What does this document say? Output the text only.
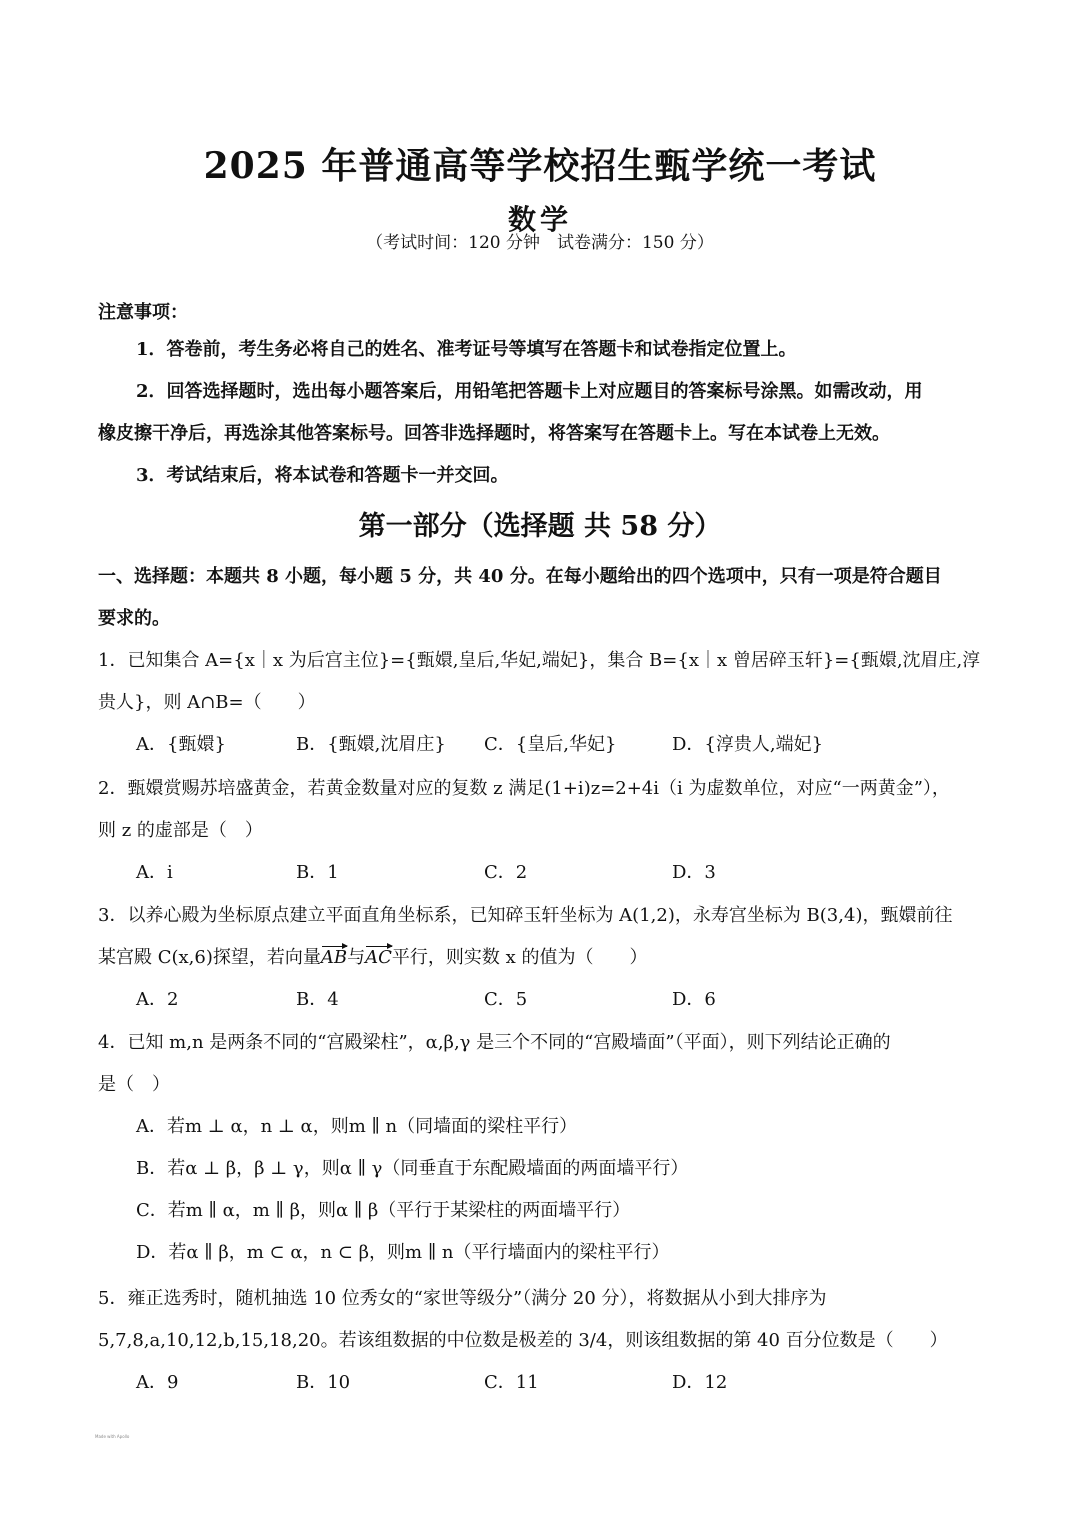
2025 年普通高等学校招生甄学统一考试
数学
（考试时间：120 分钟　试卷满分：150 分）
注意事项：
1．答卷前，考生务必将自己的姓名、准考证号等填写在答题卡和试卷指定位置上。
2．回答选择题时，选出每小题答案后，用铅笔把答题卡上对应题目的答案标号涂黑。如需改动，用
橡皮擦干净后，再选涂其他答案标号。回答非选择题时，将答案写在答题卡上。写在本试卷上无效。
3．考试结束后，将本试卷和答题卡一并交回。
第一部分（选择题 共 58 分）
一、选择题：本题共 8 小题，每小题 5 分，共 40 分。在每小题给出的四个选项中，只有一项是符合题目
要求的。
1．已知集合 A={x｜x 为后宫主位}={甄嬛,皇后,华妃,端妃}，集合 B={x｜x 曾居碎玉轩}={甄嬛,沈眉庄,淳
贵人}，则 A∩B=（　　）
A．{甄嬛}	B．{甄嬛,沈眉庄}	C．{皇后,华妃}	D．{淳贵人,端妃}
2．甄嬛赏赐苏培盛黄金，若黄金数量对应的复数 z 满足(1+i)z=2+4i（i 为虚数单位，对应“一两黄金”），
则 z 的虚部是（　）
A．i	B．1	C．2	D．3
3．以养心殿为坐标原点建立平面直角坐标系，已知碎玉轩坐标为 A(1,2)，永寿宫坐标为 B(3,4)，甄嬛前往
某宫殿 C(x,6)探望，若向量AB与AC平行，则实数 x 的值为（　　）
A．2	B．4	C．5	D．6
4．已知 m,n 是两条不同的“宫殿梁柱”，α,β,γ 是三个不同的“宫殿墙面”（平面），则下列结论正确的
是（　）
A．若m ⊥ α，n ⊥ α，则m ∥ n（同墙面的梁柱平行）
B．若α ⊥ β，β ⊥ γ，则α ∥ γ（同垂直于东配殿墙面的两面墙平行）
C．若m ∥ α，m ∥ β，则α ∥ β（平行于某梁柱的两面墙平行）
D．若α ∥ β，m ⊂ α，n ⊂ β，则m ∥ n（平行墙面内的梁柱平行）
5．雍正选秀时，随机抽选 10 位秀女的“家世等级分”（满分 20 分），将数据从小到大排序为
5,7,8,a,10,12,b,15,18,20。若该组数据的中位数是极差的 3/4，则该组数据的第 40 百分位数是（　　）
A．9	B．10	C．11	D．12
Made with Apollo
